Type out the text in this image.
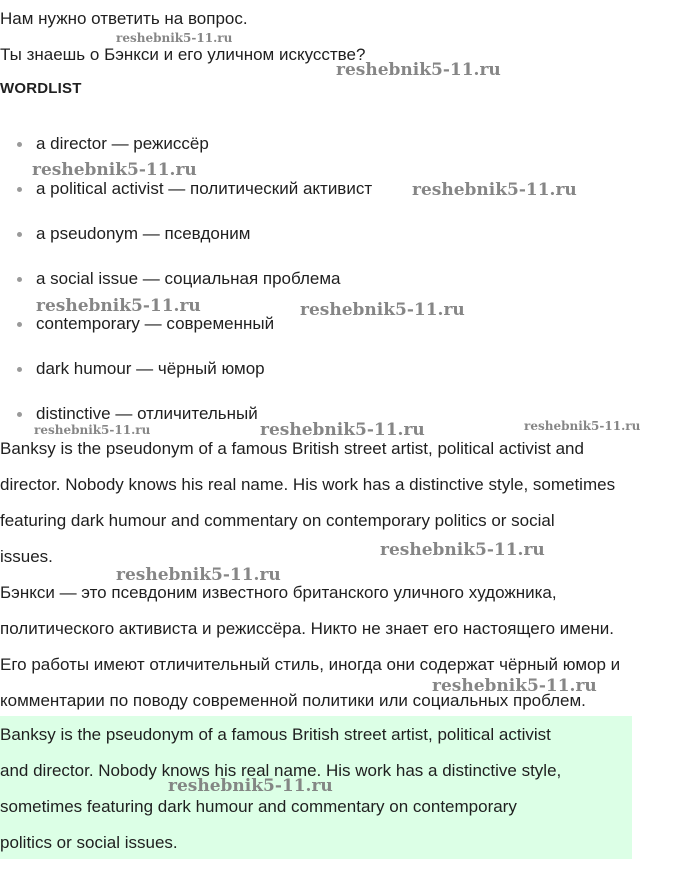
Нам нужно ответить на вопрос.
Ты знаешь о Бэнкси и его уличном искусстве?
WORDLIST
a director — режиссёр
a political activist — политический активист
a pseudonym — псевдоним
a social issue — социальная проблема
contemporary — современный
dark humour — чёрный юмор
distinctive — отличительный
Banksy is the pseudonym of a famous British street artist, political activist and
director. Nobody knows his real name. His work has a distinctive style, sometimes
featuring dark humour and commentary on contemporary politics or social
issues.
Бэнкси — это псевдоним известного британского уличного художника,
политического активиста и режиссёра. Никто не знает его настоящего имени.
Его работы имеют отличительный стиль, иногда они содержат чёрный юмор и
комментарии по поводу современной политики или социальных проблем.
Banksy is the pseudonym of a famous British street artist, political activist
and director. Nobody knows his real name. His work has a distinctive style,
sometimes featuring dark humour and commentary on contemporary
politics or social issues.
reshebnik5-11.ru
reshebnik5-11.ru
reshebnik5-11.ru
reshebnik5-11.ru
reshebnik5-11.ru	reshebnik5-11.ru
reshebnik5-11.ru	reshebnik5-11.ru	reshebnik5-11.ru
reshebnik5-11.ru
reshebnik5-11.ru
reshebnik5-11.ru
reshebnik5-11.ru
